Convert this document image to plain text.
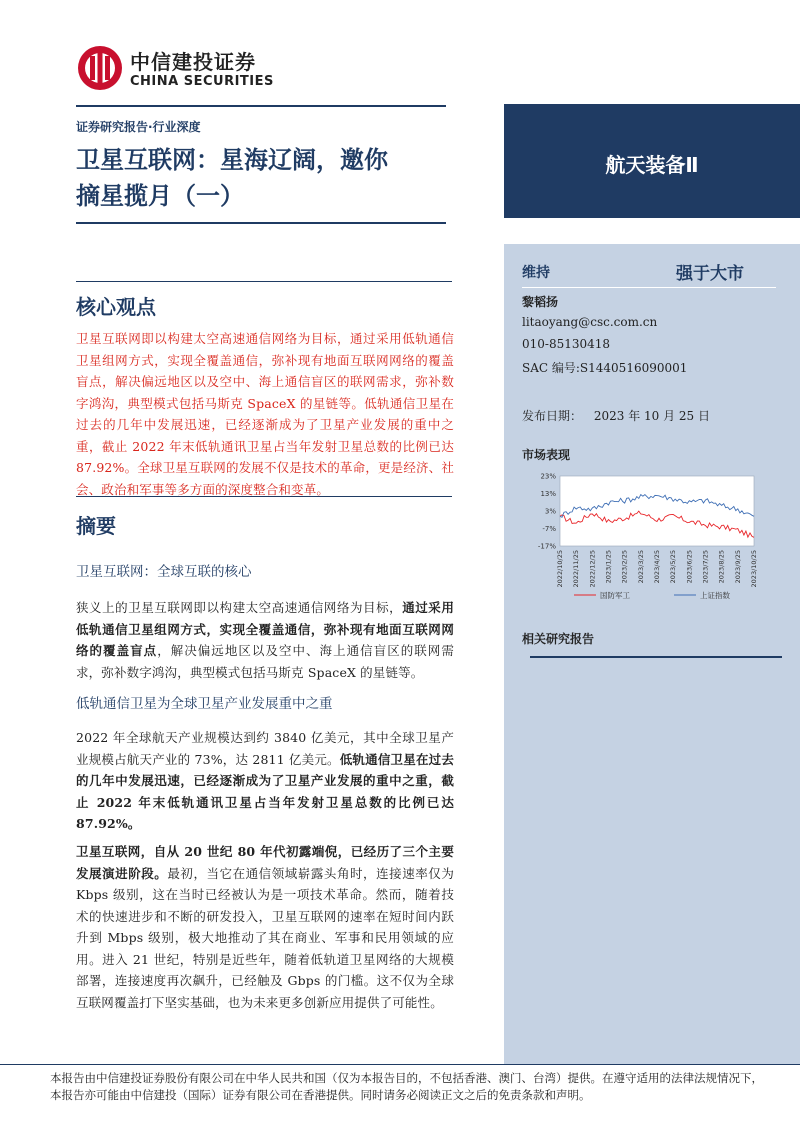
中信建投证券
CHINA SECURITIES
证券研究报告·行业深度
卫星互联网：星海辽阔，邀你
摘星揽月（一）
航天装备Ⅱ
维持	强于大市
黎韬扬
litaoyang@csc.com.cn
010-85130418
SAC 编号:S1440516090001
发布日期： 2023 年 10 月 25 日
市场表现
23%
13%
3%
-7%
-17%
2022/10/25 2022/11/25 2022/12/25 2023/1/25 2023/2/25 2023/3/25 2023/4/25 2023/5/25 2023/6/25 2023/7/25 2023/8/25 2023/9/25 2023/10/25
国防军工	上证指数
相关研究报告
核心观点
卫星互联网即以构建太空高速通信网络为目标，通过采用低轨通信卫星组网方式，实现全覆盖通信，弥补现有地面互联网网络的覆盖盲点，解决偏远地区以及空中、海上通信盲区的联网需求，弥补数字鸿沟，典型模式包括马斯克 SpaceX 的星链等。低轨通信卫星在过去的几年中发展迅速，已经逐渐成为了卫星产业发展的重中之重，截止 2022 年末低轨通讯卫星占当年发射卫星总数的比例已达 87.92%。全球卫星互联网的发展不仅是技术的革命，更是经济、社会、政治和军事等多方面的深度整合和变革。
摘要
卫星互联网：全球互联的核心
狭义上的卫星互联网即以构建太空高速通信网络为目标，通过采用低轨通信卫星组网方式，实现全覆盖通信，弥补现有地面互联网网络的覆盖盲点，解决偏远地区以及空中、海上通信盲区的联网需求，弥补数字鸿沟，典型模式包括马斯克 SpaceX 的星链等。
低轨通信卫星为全球卫星产业发展重中之重
2022 年全球航天产业规模达到约 3840 亿美元，其中全球卫星产业规模占航天产业的 73%，达 2811 亿美元。低轨通信卫星在过去的几年中发展迅速，已经逐渐成为了卫星产业发展的重中之重，截止 2022 年末低轨通讯卫星占当年发射卫星总数的比例已达 87.92%。
卫星互联网，自从 20 世纪 80 年代初露端倪，已经历了三个主要发展演进阶段。最初，当它在通信领域崭露头角时，连接速率仅为 Kbps 级别，这在当时已经被认为是一项技术革命。然而，随着技术的快速进步和不断的研发投入，卫星互联网的速率在短时间内跃升到 Mbps 级别，极大地推动了其在商业、军事和民用领域的应用。进入 21 世纪，特别是近些年，随着低轨道卫星网络的大规模部署，连接速度再次飙升，已经触及 Gbps 的门槛。这不仅为全球互联网覆盖打下坚实基础，也为未来更多创新应用提供了可能性。
本报告由中信建投证券股份有限公司在中华人民共和国（仅为本报告目的，不包括香港、澳门、台湾）提供。在遵守适用的法律法规情况下，
本报告亦可能由中信建投（国际）证券有限公司在香港提供。同时请务必阅读正文之后的免责条款和声明。
